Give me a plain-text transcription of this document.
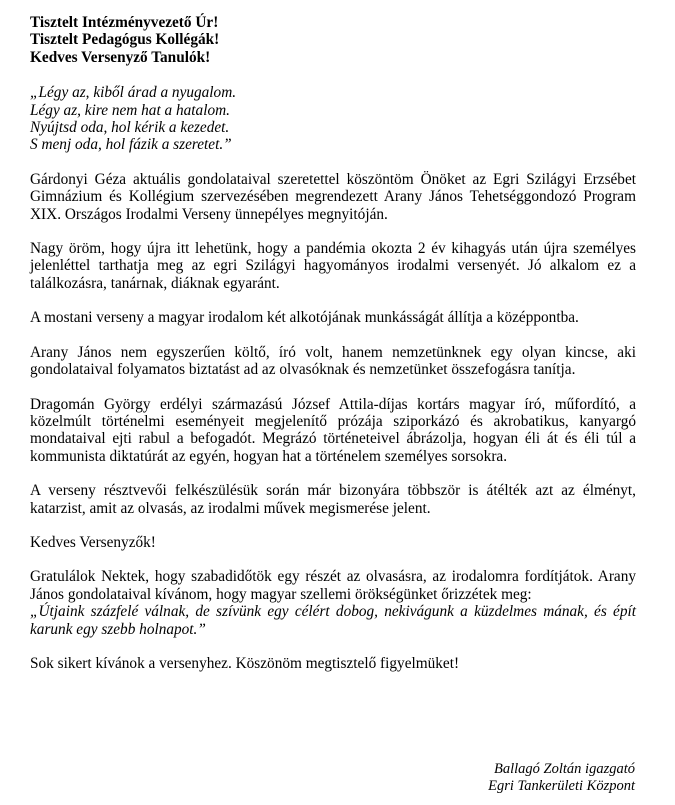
Tisztelt Intézményvezető Úr!
Tisztelt Pedagógus Kollégák!
Kedves Versenyző Tanulók!
„Légy az, kiből árad a nyugalom.
Légy az, kire nem hat a hatalom.
Nyújtsd oda, hol kérik a kezedet.
S menj oda, hol fázik a szeretet.”

Gárdonyi Géza aktuális gondolataival szeretettel köszöntöm Önöket az Egri Szilágyi Erzsébet Gimnázium és Kollégium szervezésében megrendezett Arany János Tehetséggondozó Program XIX. Országos Irodalmi Verseny ünnepélyes megnyitóján.

Nagy öröm, hogy újra itt lehetünk, hogy a pandémia okozta 2 év kihagyás után újra személyes jelenléttel tarthatja meg az egri Szilágyi hagyományos irodalmi versenyét. Jó alkalom ez a találkozásra, tanárnak, diáknak egyaránt.

A mostani verseny a magyar irodalom két alkotójának munkásságát állítja a középpontba.

Arany János nem egyszerűen költő, író volt, hanem nemzetünknek egy olyan kincse, aki gondolataival folyamatos biztatást ad az olvasóknak és nemzetünket összefogásra tanítja.

Dragomán György erdélyi származású József Attila-díjas kortárs magyar író, műfordító, a közelmúlt történelmi eseményeit megjelenítő prózája sziporkázó és akrobatikus, kanyargó mondataival ejti rabul a befogadót. Megrázó történeteivel ábrázolja, hogyan éli át és éli túl a kommunista diktatúrát az egyén, hogyan hat a történelem személyes sorsokra.

A verseny résztvevői felkészülésük során már bizonyára többször is átélték azt az élményt, katarzist, amit az olvasás, az irodalmi művek megismerése jelent.

Kedves Versenyzők!

Gratulálok Nektek, hogy szabadidőtök egy részét az olvasásra, az irodalomra fordítjátok. Arany János gondolataival kívánom, hogy magyar szellemi örökségünket őrizzétek meg:
„Útjaink százfelé válnak, de szívünk egy célért dobog, nekivágunk a küzdelmes mának, és épít karunk egy szebb holnapot.”

Sok sikert kívánok a versenyhez. Köszönöm megtisztelő figyelmüket!

Ballagó Zoltán igazgató
Egri Tankerületi Központ
